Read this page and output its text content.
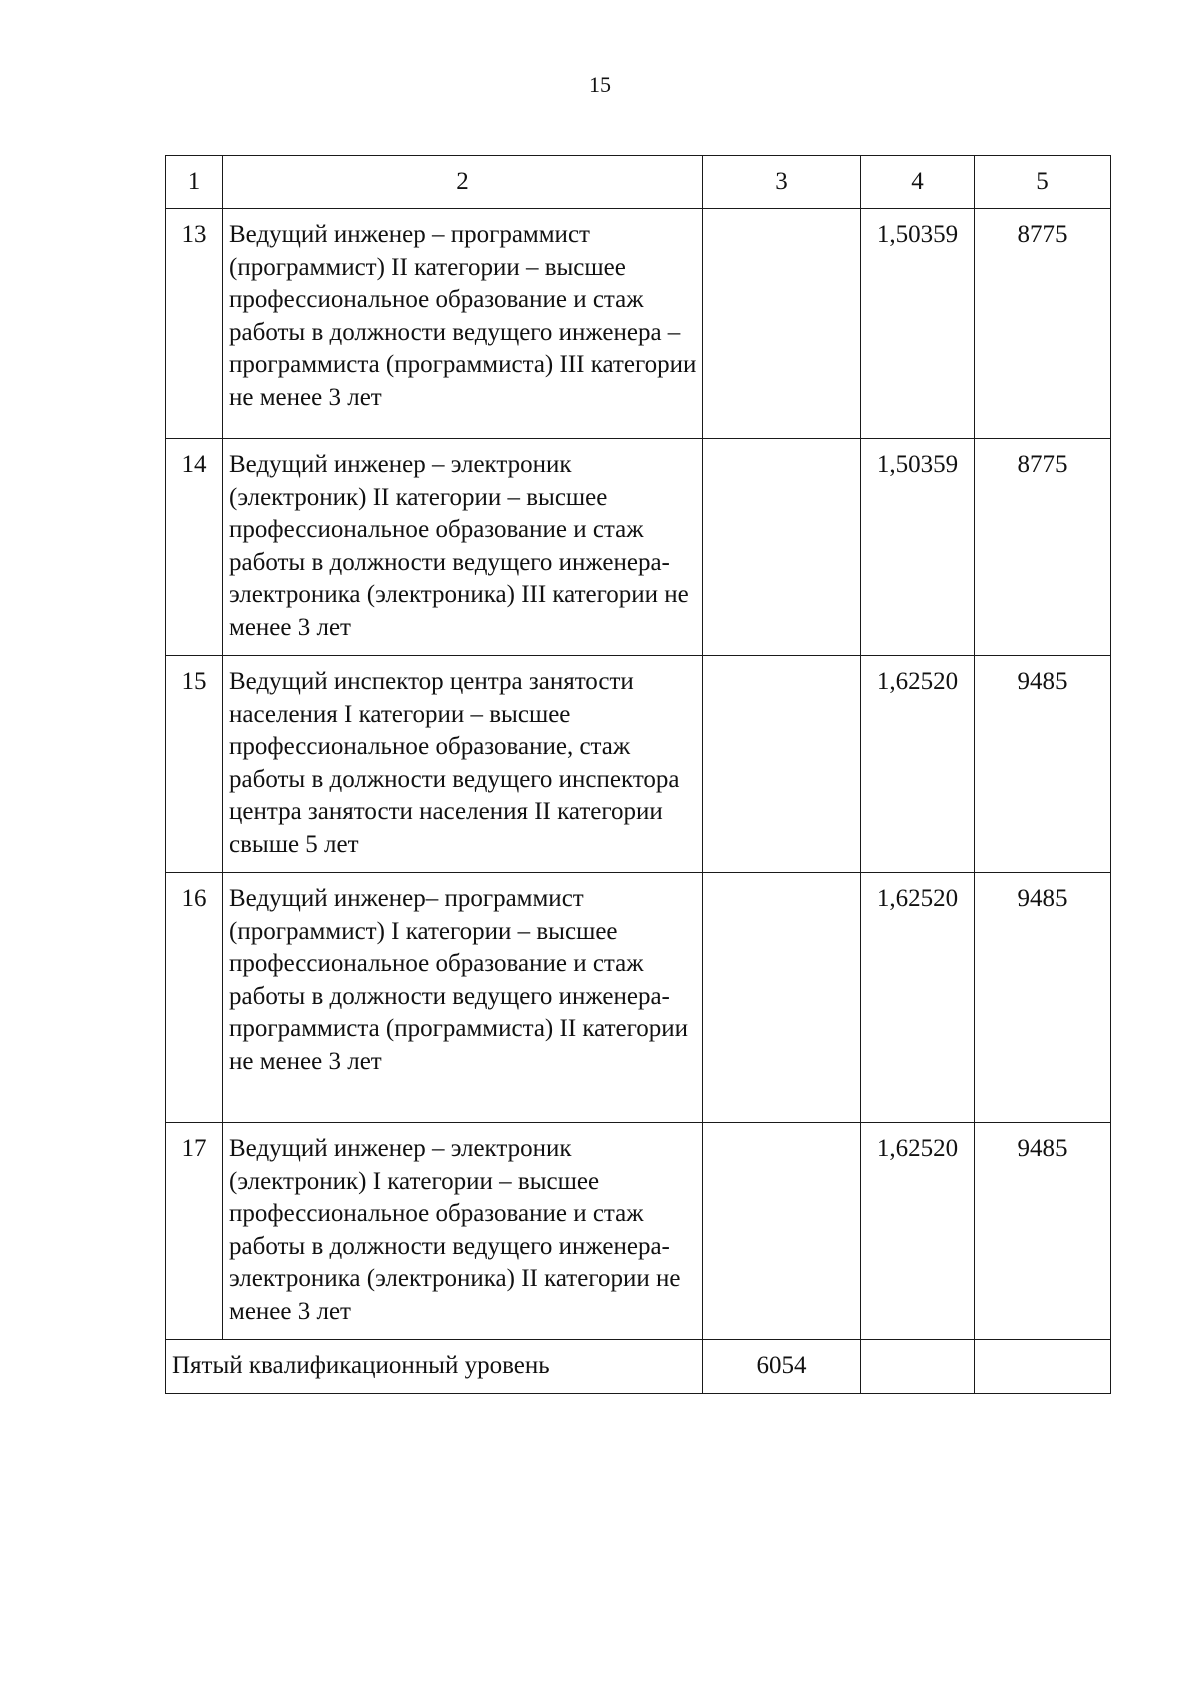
15
1	2	3	4	5
13	Ведущий инженер – программист (программист) II категории – высшее профессиональное образование и стаж работы в должности ведущего инженера – программиста (программиста) III категории не менее 3 лет		1,50359	8775
14	Ведущий инженер – электроник (электроник) II категории – высшее профессиональное образование и стаж работы в должности ведущего инженера-электроника (электроника) III категории не менее 3 лет		1,50359	8775
15	Ведущий инспектор центра занятости населения I категории – высшее профессиональное образование, стаж работы в должности ведущего инспектора центра занятости населения II категории свыше 5 лет		1,62520	9485
16	Ведущий инженер– программист (программист) I категории – высшее профессиональное образование и стаж работы в должности ведущего инженера-программиста (программиста) II категории не менее 3 лет		1,62520	9485
17	Ведущий инженер – электроник (электроник) I категории – высшее профессиональное образование и стаж работы в должности ведущего инженера-электроника (электроника) II категории не менее 3 лет		1,62520	9485
Пятый квалификационный уровень		6054		
